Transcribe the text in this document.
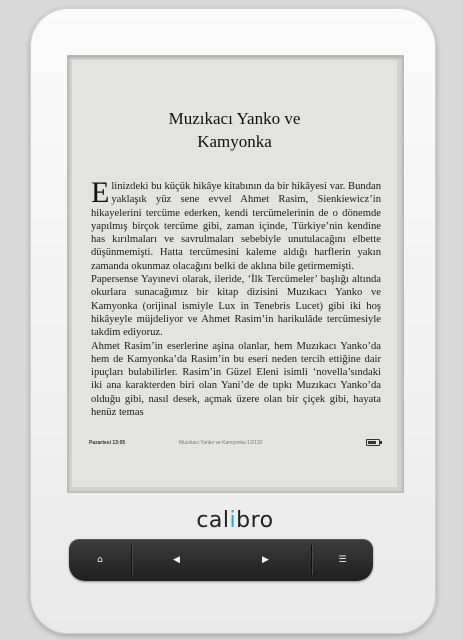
Muzıkacı Yanko ve
Kamyonka

Elinizdeki bu küçük hikâye kitabının da bir hikâyesi var. Bundan yaklaşık yüz sene evvel Ahmet Rasim, Sienkiewicz’in hikayelerini tercüme ederken, kendi tercümelerinin de o dönemde yapılmış birçok tercüme gibi, zaman içinde, Türkiye’nin kendine has kırılmaları ve savrulmaları sebebiyle unutulacağını elbette düşünmemişti. Hatta tercümesini kaleme aldığı harflerin yakın zamanda okunmaz olacağını belki de aklına bile getirmemişti.

Papersense Yayınevi olarak, ileride, ‘İlk Tercümeler’ başlığı altında okurlara sunacağımız bir kitap dizisini Muzıkacı Yanko ve Kamyonka (orijinal ismiyle Lux in Tenebris Lucet) gibi iki hoş hikâyeyle müjdeliyor ve Ahmet Rasim’in harikulâde tercümesiyle takdim ediyoruz.

Ahmet Rasim’in eserlerine aşina olanlar, hem Muzıkacı Yanko’da hem de Kamyonka’da Rasim’in bu eseri neden tercih ettiğine dair ipuçları bulabilirler. Rasim’in Güzel Eleni isimli ‘novella’sındaki iki ana karakterden biri olan Yani’de de tıpkı Muzıkacı Yanko’da olduğu gibi, nasıl desek, açmak üzere olan bir çiçek gibi, hayata henüz temas

Pazartesi 13:05	Muzıkacı Yanko ve Kamyonka 13/132
calibro
⌂	◀	▶	☰
